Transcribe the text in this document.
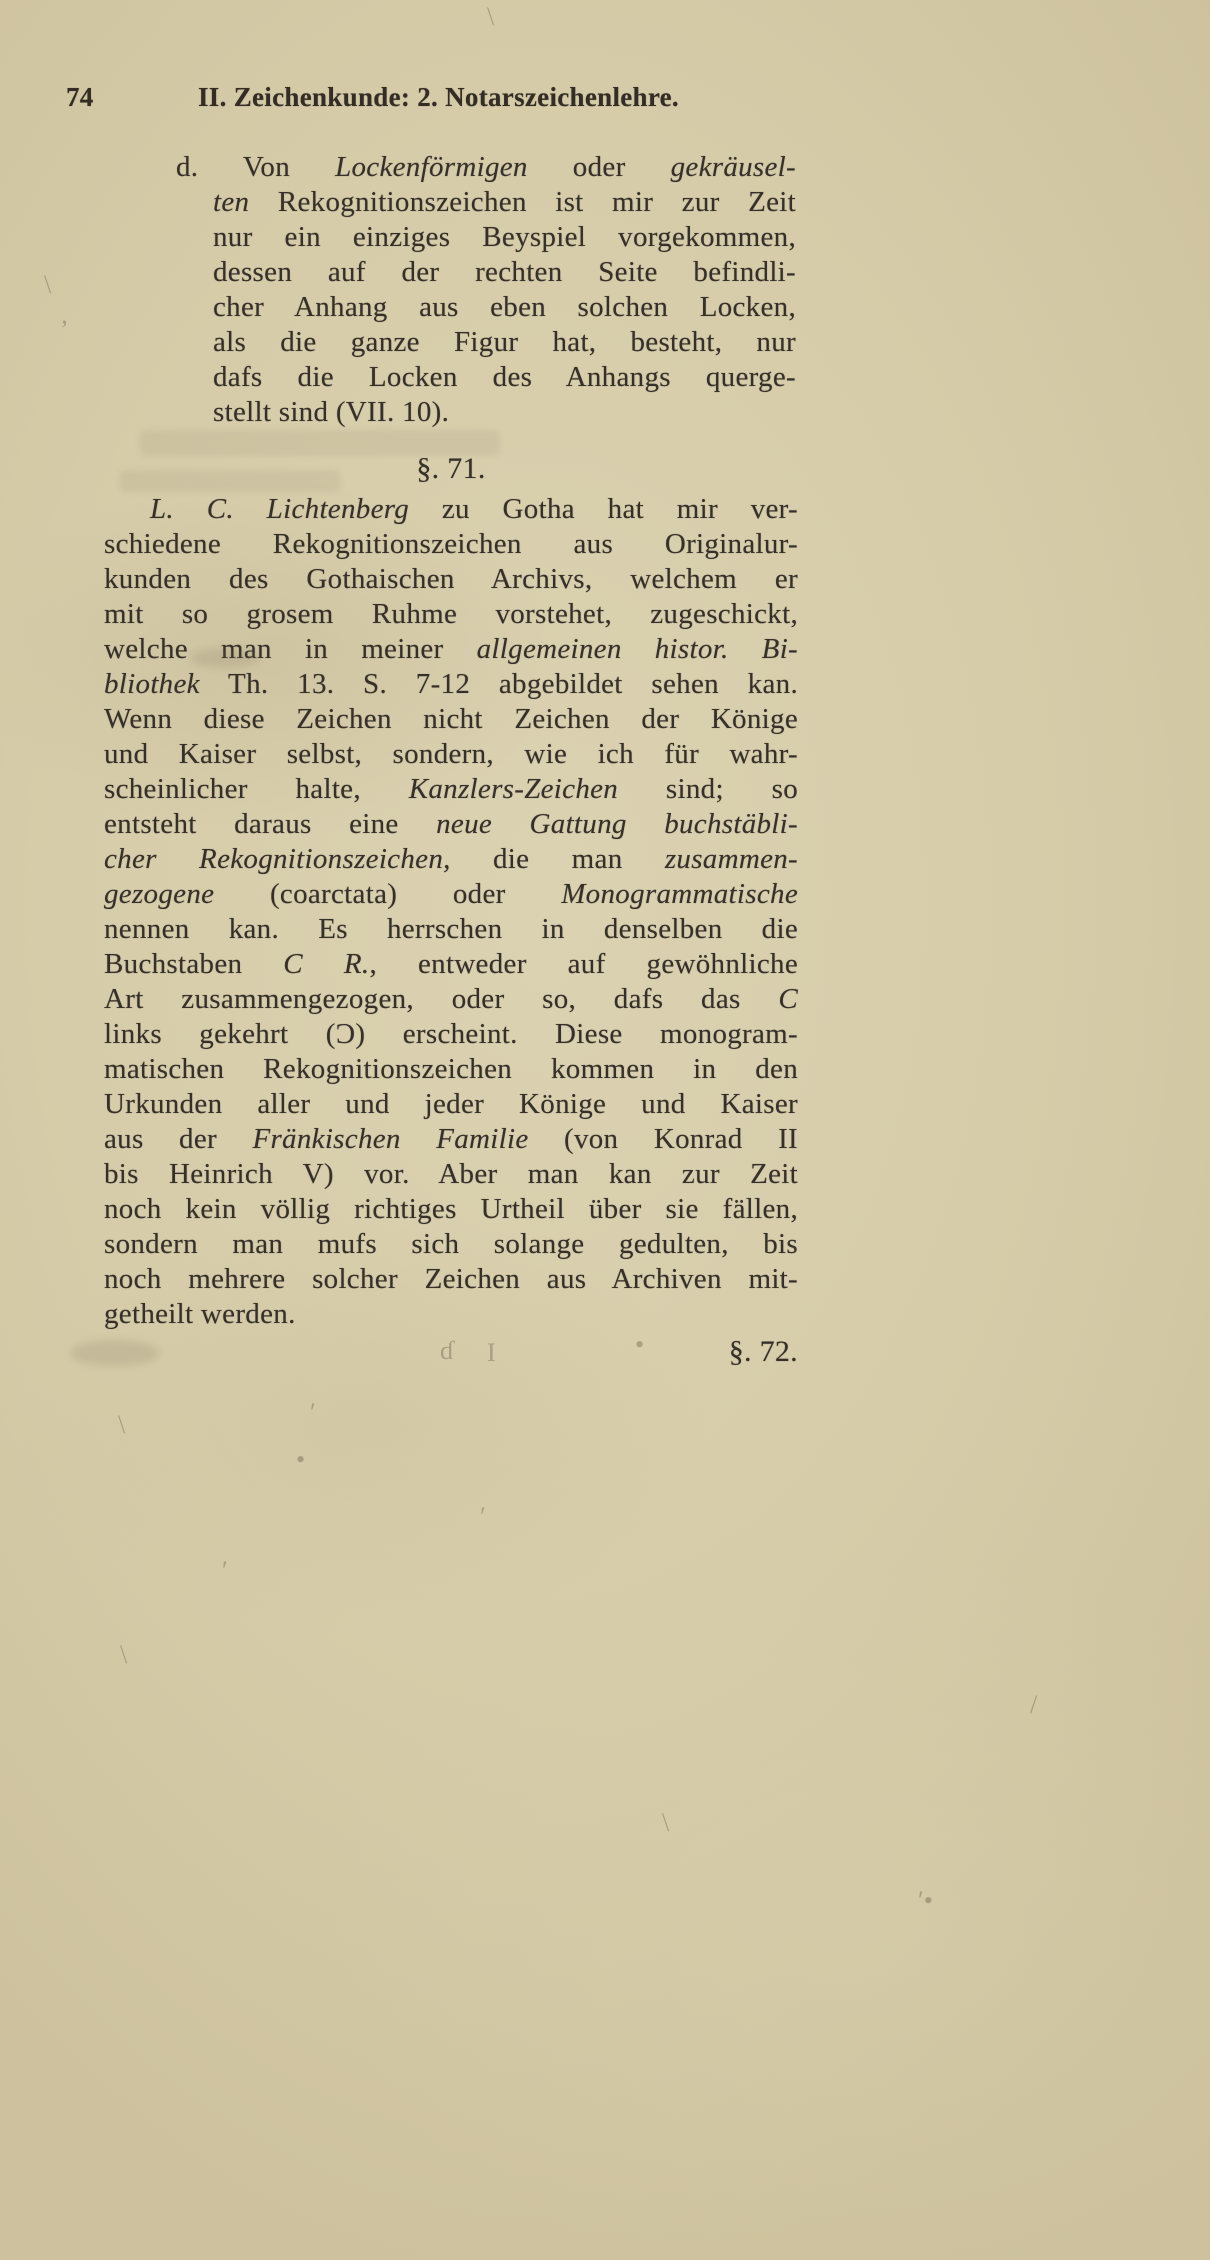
74	II. Zeichenkunde: 2. Notarszeichenlehre.
d. Von Lockenförmigen oder gekräusel-
ten Rekognitionszeichen ist mir zur Zeit
nur ein einziges Beyspiel vorgekommen,
dessen auf der rechten Seite befindli-
cher Anhang aus eben solchen Locken,
als die ganze Figur hat, besteht, nur
dafs die Locken des Anhangs querge-
stellt sind (VII. 10).
§. 71.
L. C. Lichtenberg zu Gotha hat mir ver-
schiedene Rekognitionszeichen aus Originalur-
kunden des Gothaischen Archivs, welchem er
mit so grosem Ruhme vorstehet, zugeschickt,
welche man in meiner allgemeinen histor. Bi-
bliothek Th. 13. S. 7-12 abgebildet sehen kan.
Wenn diese Zeichen nicht Zeichen der Könige
und Kaiser selbst, sondern, wie ich für wahr-
scheinlicher halte, Kanzlers-Zeichen sind; so
entsteht daraus eine neue Gattung buchstäbli-
cher Rekognitionszeichen, die man zusammen-
gezogene (coarctata) oder Monogrammatische
nennen kan. Es herrschen in denselben die
Buchstaben C R., entweder auf gewöhnliche
Art zusammengezogen, oder so, dafs das C
links gekehrt (Ɔ) erscheint. Diese monogram-
matischen Rekognitionszeichen kommen in den
Urkunden aller und jeder Könige und Kaiser
aus der Fränkischen Familie (von Konrad II
bis Heinrich V) vor. Aber man kan zur Zeit
noch kein völlig richtiges Urtheil über sie fällen,
sondern man mufs sich solange gedulten, bis
noch mehrere solcher Zeichen aus Archiven mit-
getheilt werden.
§. 72.
\
‚
\
ɗ I	•
′
\
•
′
′
\
/
\
′•
